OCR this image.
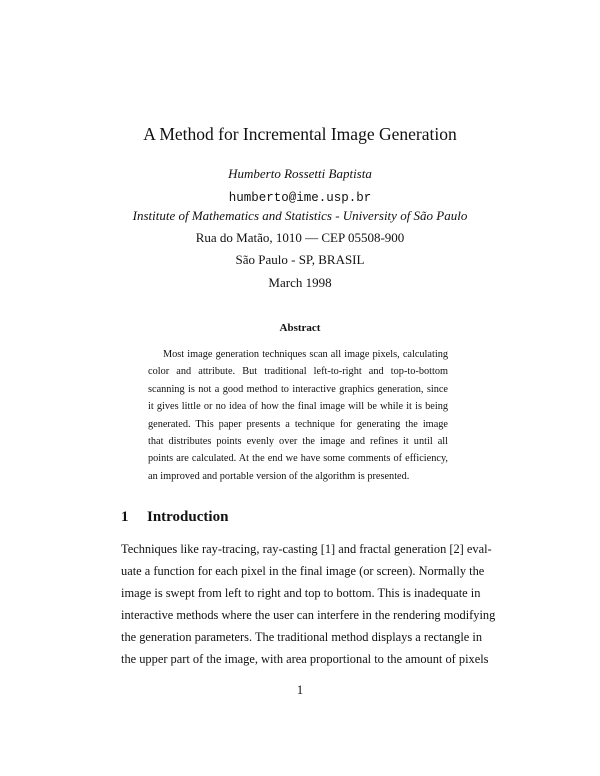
A Method for Incremental Image Generation
Humberto Rossetti Baptista
humberto@ime.usp.br
Institute of Mathematics and Statistics - University of São Paulo
Rua do Matão, 1010 — CEP 05508-900
São Paulo - SP, BRASIL
March 1998
Abstract
Most image generation techniques scan all image pixels, calculating
color and attribute. But traditional left-to-right and top-to-bottom
scanning is not a good method to interactive graphics generation, since
it gives little or no idea of how the final image will be while it is being
generated. This paper presents a technique for generating the image
that distributes points evenly over the image and refines it until all
points are calculated. At the end we have some comments of efficiency,
an improved and portable version of the algorithm is presented.
1 Introduction
Techniques like ray-tracing, ray-casting [1] and fractal generation [2] eval-
uate a function for each pixel in the final image (or screen). Normally the
image is swept from left to right and top to bottom. This is inadequate in
interactive methods where the user can interfere in the rendering modifying
the generation parameters. The traditional method displays a rectangle in
the upper part of the image, with area proportional to the amount of pixels
1
